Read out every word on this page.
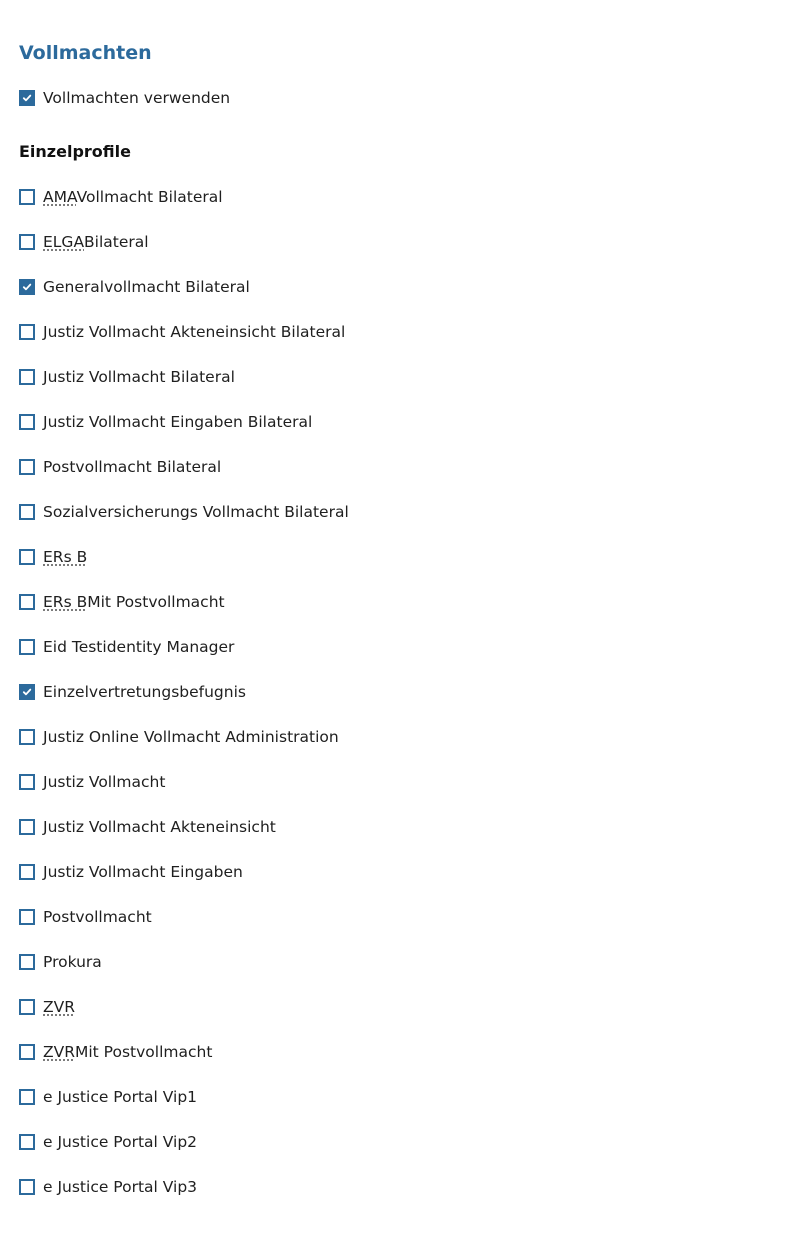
Vollmachten
Vollmachten verwenden
Einzelprofile
AMAVollmacht Bilateral
ELGABilateral
Generalvollmacht Bilateral
Justiz Vollmacht Akteneinsicht Bilateral
Justiz Vollmacht Bilateral
Justiz Vollmacht Eingaben Bilateral
Postvollmacht Bilateral
Sozialversicherungs Vollmacht Bilateral
ERs B
ERs BMit Postvollmacht
Eid Testidentity Manager
Einzelvertretungsbefugnis
Justiz Online Vollmacht Administration
Justiz Vollmacht
Justiz Vollmacht Akteneinsicht
Justiz Vollmacht Eingaben
Postvollmacht
Prokura
ZVR
ZVRMit Postvollmacht
e Justice Portal Vip1
e Justice Portal Vip2
e Justice Portal Vip3
